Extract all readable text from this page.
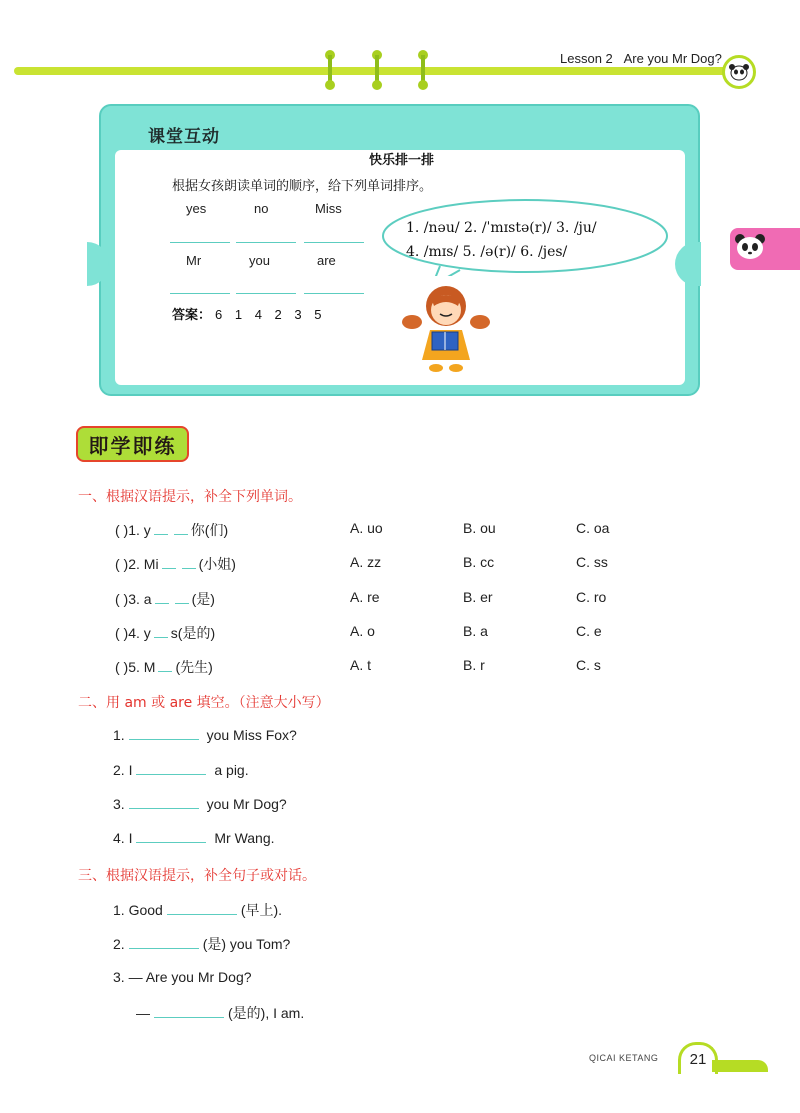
Lesson 2 Are you Mr Dog?
课堂互动
快乐排一排
根据女孩朗读单词的顺序，给下列单词排序。
yes	no	Miss
Mr	you	are
答案： 6 1 4 2 3 5
1. /nəu/ 2. /ˈmɪstə(r)/ 3. /ju/
4. /mɪs/ 5. /ə(r)/ 6. /jes/
即学即练
一、根据汉语提示，补全下列单词。
( )1. y	你(们)	A. uo	B. ou	C. oa
( )2. Mi	(小姐)	A. zz	B. cc	C. ss
( )3. a	(是)	A. re	B. er	C. ro
( )4. y s(是的)	A. o	B. a	C. e
( )5. M (先生)	A. t	B. r	C. s
二、用 am 或 are 填空。（注意大小写）
1.	you Miss Fox?
2. I	a pig.
3.	you Mr Dog?
4. I	Mr Wang.
三、根据汉语提示，补全句子或对话。
1. Good	(早上).
2.	(是) you Tom?
3. — Are you Mr Dog?
—	(是的), I am.
QICAI KETANG	21
